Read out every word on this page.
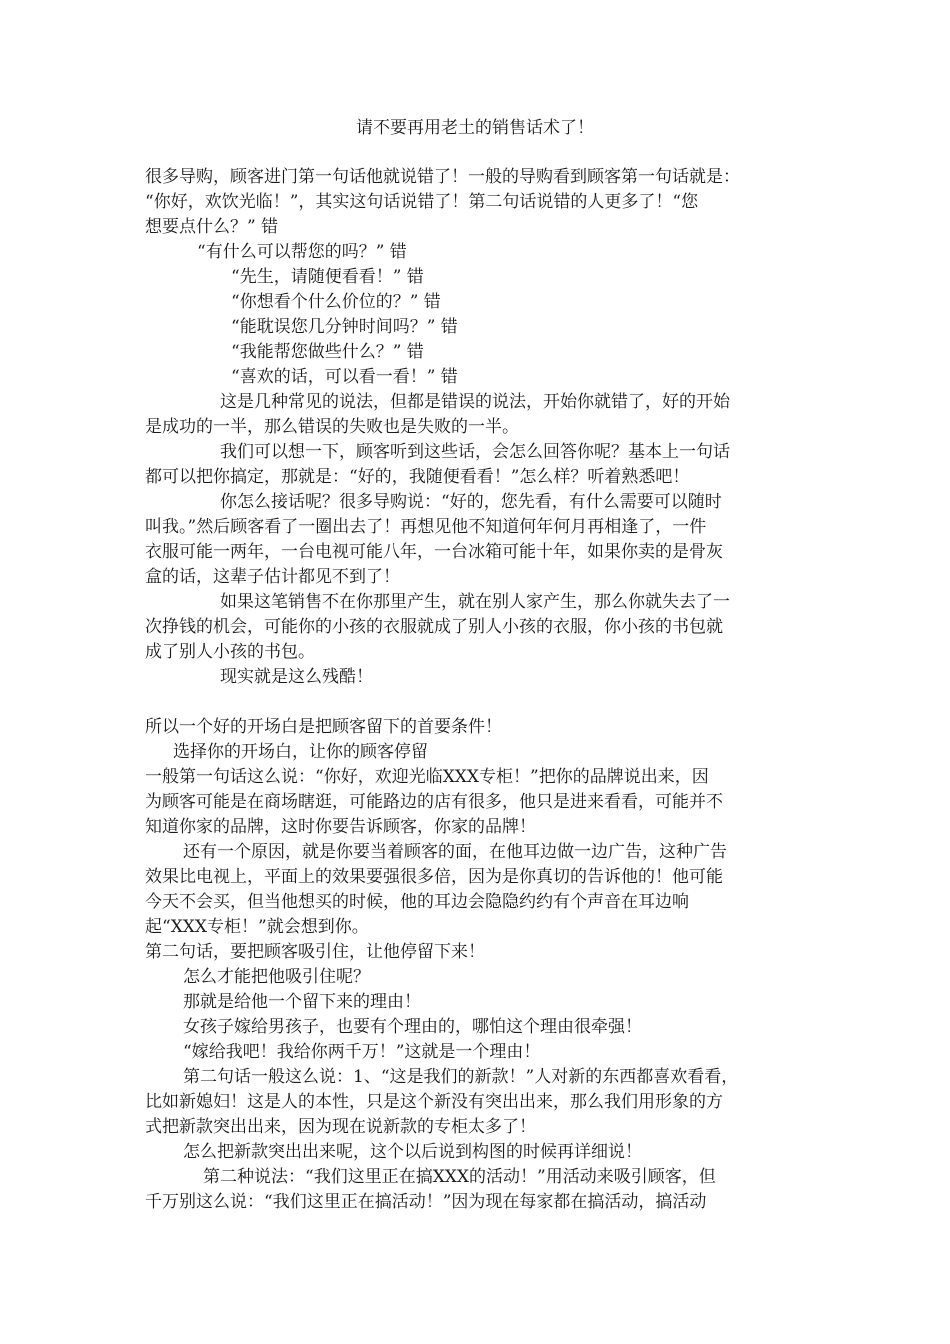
请不要再用老土的销售话术了！
很多导购，顾客进门第一句话他就说错了！一般的导购看到顾客第一句话就是：
“你好，欢饮光临！”，其实这句话说错了！第二句话说错的人更多了！“您
想要点什么？” 错
“有什么可以帮您的吗？” 错
“先生，请随便看看！” 错
“你想看个什么价位的？” 错
“能耽误您几分钟时间吗？” 错
“我能帮您做些什么？” 错
“喜欢的话，可以看一看！” 错
这是几种常见的说法，但都是错误的说法，开始你就错了，好的开始
是成功的一半，那么错误的失败也是失败的一半。
我们可以想一下，顾客听到这些话，会怎么回答你呢？基本上一句话
都可以把你搞定，那就是：“好的，我随便看看！”怎么样？听着熟悉吧！
你怎么接话呢？很多导购说：“好的，您先看，有什么需要可以随时
叫我。”然后顾客看了一圈出去了！再想见他不知道何年何月再相逢了，一件
衣服可能一两年，一台电视可能八年，一台冰箱可能十年，如果你卖的是骨灰
盒的话，这辈子估计都见不到了！
如果这笔销售不在你那里产生，就在别人家产生，那么你就失去了一
次挣钱的机会，可能你的小孩的衣服就成了别人小孩的衣服，你小孩的书包就
成了别人小孩的书包。
现实就是这么残酷！
所以一个好的开场白是把顾客留下的首要条件！
选择你的开场白，让你的顾客停留
一般第一句话这么说：“你好，欢迎光临XXX专柜！”把你的品牌说出来，因
为顾客可能是在商场瞎逛，可能路边的店有很多，他只是进来看看，可能并不
知道你家的品牌，这时你要告诉顾客，你家的品牌！
还有一个原因，就是你要当着顾客的面，在他耳边做一边广告，这种广告
效果比电视上，平面上的效果要强很多倍，因为是你真切的告诉他的！他可能
今天不会买，但当他想买的时候，他的耳边会隐隐约约有个声音在耳边响
起“XXX专柜！”就会想到你。
第二句话，要把顾客吸引住，让他停留下来！
怎么才能把他吸引住呢？
那就是给他一个留下来的理由！
女孩子嫁给男孩子，也要有个理由的，哪怕这个理由很牵强！
“嫁给我吧！我给你两千万！”这就是一个理由！
第二句话一般这么说：1、“这是我们的新款！”人对新的东西都喜欢看看，
比如新媳妇！这是人的本性，只是这个新没有突出出来，那么我们用形象的方
式把新款突出出来，因为现在说新款的专柜太多了！
怎么把新款突出出来呢，这个以后说到构图的时候再详细说！
第二种说法：“我们这里正在搞XXX的活动！”用活动来吸引顾客，但
千万别这么说：“我们这里正在搞活动！”因为现在每家都在搞活动，搞活动
